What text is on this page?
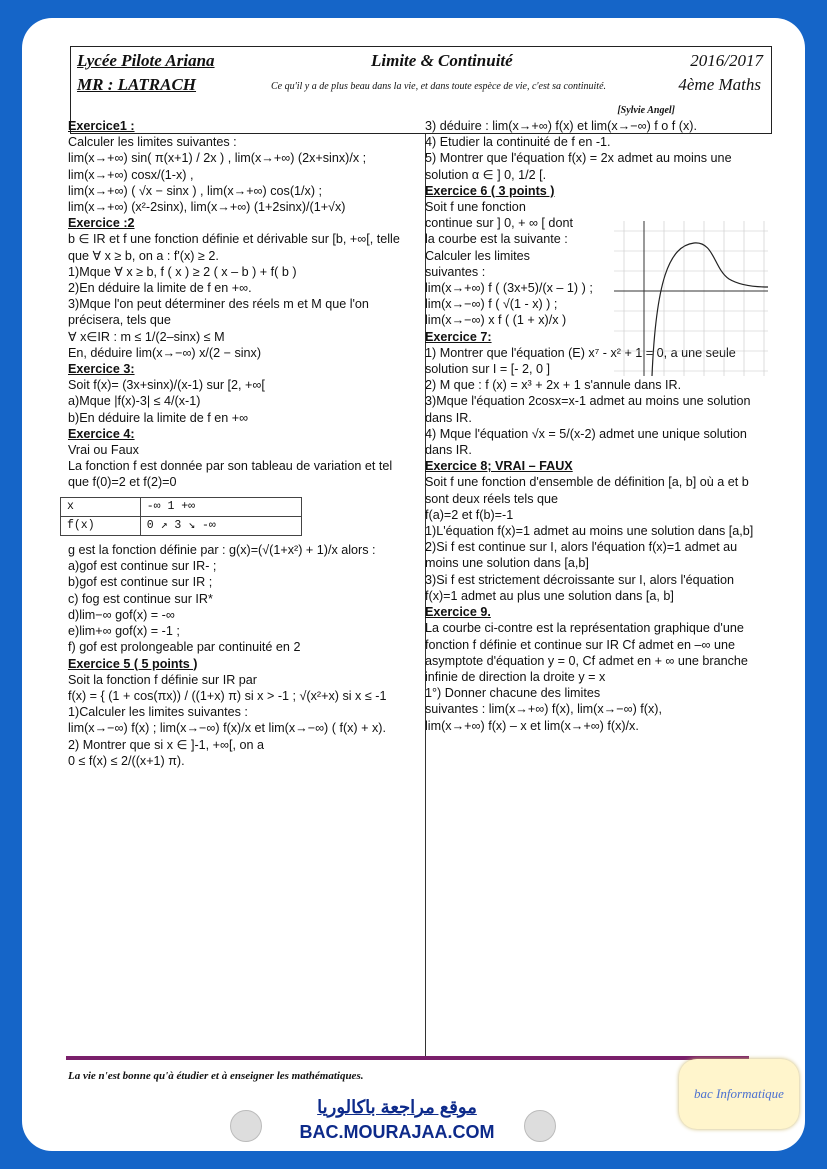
Lycée Pilote Ariana
MR : LATRACH
Limite & Continuité	2016/2017
Ce qu'il y a de plus beau dans la vie, et dans toute espèce de vie, c'est sa continuité.	4ème Maths
[Sylvie Angel]

Exercice1 :

Calculer les limites suivantes :

lim(x→+∞) sin( π(x+1) / 2x ) , lim(x→+∞) (2x+sinx)/x ; lim(x→+∞) cosx/(1-x) ,

lim(x→+∞) ( √x − sinx ) , lim(x→+∞) cos(1/x) ;

lim(x→+∞) (x²-2sinx), lim(x→+∞) (1+2sinx)/(1+√x)

Exercice :2

b ∈ IR et f une fonction définie et dérivable sur [b, +∞[, telle que ∀ x ≥ b, on a : f'(x) ≥ 2.

1)Mque ∀ x ≥ b, f ( x ) ≥ 2 ( x – b ) + f( b )

2)En déduire la limite de f en +∞.

3)Mque l'on peut déterminer des réels m et M que l'on précisera, tels que

∀ x∈IR : m ≤ 1/(2–sinx) ≤ M

En, déduire lim(x→−∞) x/(2 − sinx)

Exercice 3:

Soit f(x)= (3x+sinx)/(x-1) sur [2, +∞[

a)Mque |f(x)-3| ≤ 4/(x-1)

b)En déduire la limite de f en +∞

Exercice 4:

Vrai ou Faux

La fonction f est donnée par son tableau de variation et tel que f(0)=2 et f(2)=0

x	-∞ 1 +∞
f(x)	0 ↗ 3 ↘ -∞

g est la fonction définie par : g(x)=(√(1+x²) + 1)/x alors :

a)gof est continue sur IR- ;

b)gof est continue sur IR ;

c) fog est continue sur IR*

d)lim−∞ gof(x) = -∞

e)lim+∞ gof(x) = -1 ;

f) gof est prolongeable par continuité en 2

Exercice 5 ( 5 points )

Soit la fonction f définie sur IR par

f(x) = { (1 + cos(πx)) / ((1+x) π) si x > -1 ; √(x²+x) si x ≤ -1

1)Calculer les limites suivantes :

lim(x→−∞) f(x) ; lim(x→−∞) f(x)/x et lim(x→−∞) ( f(x) + x).

2) Montrer que si x ∈ ]-1, +∞[, on a

0 ≤ f(x) ≤ 2/((x+1) π).

3) déduire : lim(x→+∞) f(x) et lim(x→−∞) f o f (x).

4) Etudier la continuité de f en -1.

5) Montrer que l'équation f(x) = 2x admet au moins une solution α ∈ ] 0, 1/2 [.

Exercice 6 ( 3 points )

Soit f une fonction

continue sur ] 0, + ∞ [ dont

la courbe est la suivante :

Calculer les limites

suivantes :

lim(x→+∞) f ( (3x+5)/(x – 1) ) ;

lim(x→−∞) f ( √(1 - x) ) ;

lim(x→−∞) x f ( (1 + x)/x )

Exercice 7:

1) Montrer que l'équation (E) x⁷ - x² + 1 = 0, a une seule solution sur I = [- 2, 0 ]

2) M que : f (x) = x³ + 2x + 1 s'annule dans IR.

3)Mque l'équation 2cosx=x-1 admet au moins une solution dans IR.

4) Mque l'équation √x = 5/(x-2) admet une unique solution dans IR.

Exercice 8; VRAI – FAUX

Soit f une fonction d'ensemble de définition [a, b] où a et b sont deux réels tels que

f(a)=2 et f(b)=-1

1)L'équation f(x)=1 admet au moins une solution dans [a,b]

2)Si f est continue sur I, alors l'équation f(x)=1 admet au moins une solution dans [a,b]

3)Si f est strictement décroissante sur I, alors l'équation f(x)=1 admet au plus une solution dans [a, b]

Exercice 9.

La courbe ci-contre est la représentation graphique d'une fonction f définie et continue sur IR Cf admet en –∞ une asymptote d'équation y = 0, Cf admet en + ∞ une branche infinie de direction la droite y = x

1°) Donner chacune des limites

suivantes : lim(x→+∞) f(x), lim(x→−∞) f(x),

lim(x→+∞) f(x) – x et lim(x→+∞) f(x)/x.

La vie n'est bonne qu'à étudier et à enseigner les mathématiques.
موقع مراجعة باكالوريا
BAC.MOURAJAA.COM
bac Informatique
